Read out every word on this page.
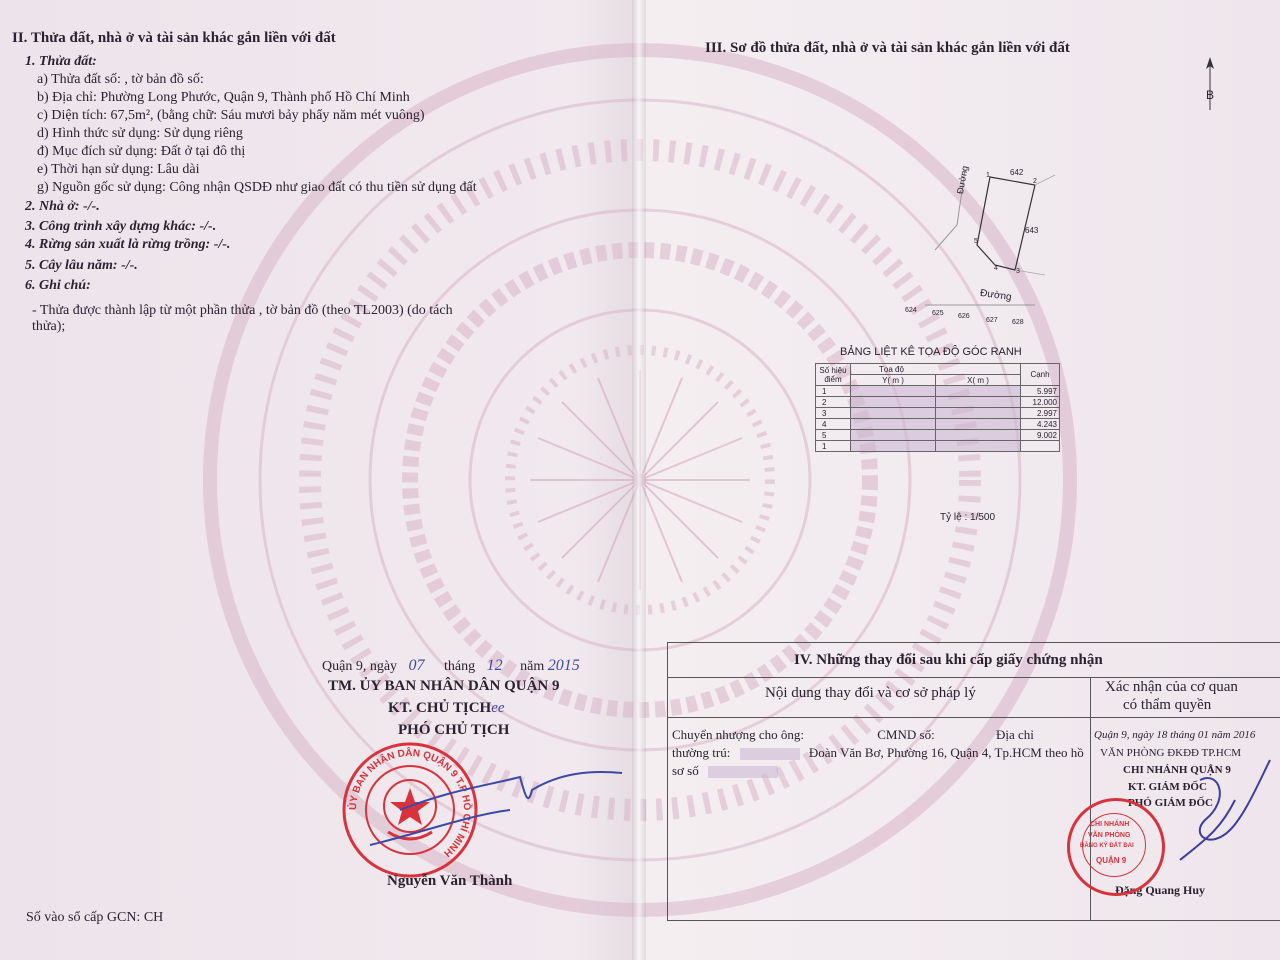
II. Thửa đất, nhà ở và tài sản khác gắn liền với đất
1. Thửa đất:
a) Thửa đất số: , tờ bản đồ số:
b) Địa chỉ: Phường Long Phước, Quận 9, Thành phố Hồ Chí Minh
c) Diện tích: 67,5m², (bằng chữ: Sáu mươi bảy phẩy năm mét vuông)
d) Hình thức sử dụng: Sử dụng riêng
đ) Mục đích sử dụng: Đất ở tại đô thị
e) Thời hạn sử dụng: Lâu dài
g) Nguồn gốc sử dụng: Công nhận QSDĐ như giao đất có thu tiền sử dụng đất
2. Nhà ở: -/-.
3. Công trình xây dựng khác: -/-.
4. Rừng sản xuất là rừng trồng: -/-.
5. Cây lâu năm: -/-.
6. Ghi chú:
- Thửa được thành lập từ một phần thửa , tờ bản đồ (theo TL2003) (do tách
thửa);
Quận 9, ngày 07 tháng 12 năm 2015
TM. ỦY BAN NHÂN DÂN QUẬN 9
KT. CHỦ TỊCHee
PHÓ CHỦ TỊCH
ỦY BAN NHÂN DÂN QUẬN 9 T.P HỒ CHÍ MINH
Nguyễn Văn Thành
Số vào sổ cấp GCN: CH
III. Sơ đồ thửa đất, nhà ở và tài sản khác gắn liền với đất
B
Đường
Đường
642
643
1
2
3
4
5
624 625 626
627 628
BẢNG LIỆT KÊ TỌA ĐỘ GÓC RANH
Số hiệu
điểm	Tọa độ		Cạnh
	Y( m )	X( m )	
1			5.997
2			12.000
3			2.997
4			4.243
5			9.002
1			
Tỷ lệ : 1/500
IV. Những thay đổi sau khi cấp giấy chứng nhận
Nội dung thay đổi và cơ sở pháp lý	Xác nhận của cơ quan
có thẩm quyền
Chuyển nhượng cho ông:	CMND số:	Địa chỉ
thường trú:	Đoàn Văn Bơ, Phường 16, Quận 4, Tp.HCM theo hồ
sơ số
Quận 9, ngày 18 tháng 01 năm 2016
VĂN PHÒNG ĐKĐĐ TP.HCM
CHI NHÁNH QUẬN 9
KT. GIÁM ĐỐC
PHÓ GIÁM ĐỐC
Đặng Quang Huy
CHI NHÁNH
VĂN PHÒNG
ĐĂNG KÝ ĐẤT ĐAI
QUẬN 9
